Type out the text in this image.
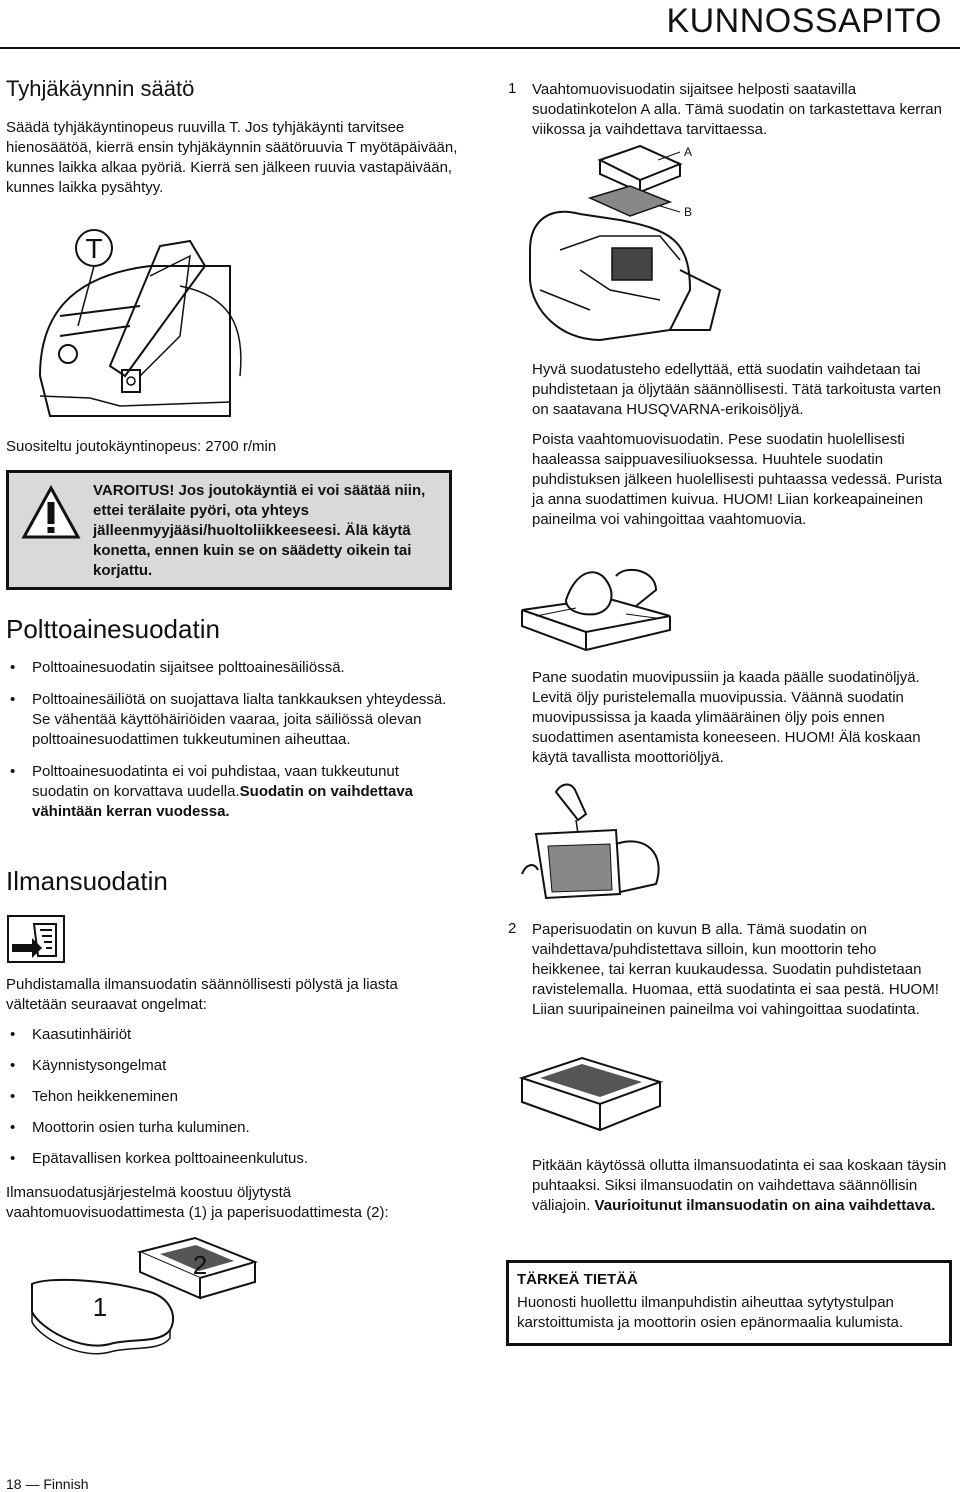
KUNNOSSAPITO
Tyhjäkäynnin säätö

Säädä tyhjäkäyntinopeus ruuvilla T. Jos tyhjäkäynti tarvitsee hienosäätöä, kierrä ensin tyhjäkäynnin säätöruuvia T myötäpäivään, kunnes laikka alkaa pyöriä. Kierrä sen jälkeen ruuvia vastapäivään, kunnes laikka pysähtyy.

T

Suositeltu joutokäyntinopeus: 2700 r/min

VAROITUS! Jos joutokäyntiä ei voi säätää niin, ettei terälaite pyöri, ota yhteys jälleenmyyjääsi/huoltoliikkeeseesi. Älä käytä konetta, ennen kuin se on säädetty oikein tai korjattu.
Polttoainesuodatin
• Polttoainesuodatin sijaitsee polttoainesäiliössä.
• Polttoainesäiliötä on suojattava lialta tankkauksen yhteydessä. Se vähentää käyttöhäiriöiden vaaraa, joita säiliössä olevan polttoainesuodattimen tukkeutuminen aiheuttaa.
• Polttoainesuodatinta ei voi puhdistaa, vaan tukkeutunut suodatin on korvattava uudella.Suodatin on vaihdettava vähintään kerran vuodessa.
Ilmansuodatin

Puhdistamalla ilmansuodatin säännöllisesti pölystä ja liasta vältetään seuraavat ongelmat:

• Kaasutinhäiriöt
• Käynnistysongelmat
• Tehon heikkeneminen
• Moottorin osien turha kuluminen.
• Epätavallisen korkea polttoaineenkulutus.

Ilmansuodatusjärjestelmä koostuu öljytystä vaahtomuovisuodattimesta (1) ja paperisuodattimesta (2):

1
2
1 Vaahtomuovisuodatin sijaitsee helposti saatavilla suodatinkotelon A alla. Tämä suodatin on tarkastettava kerran viikossa ja vaihdettava tarvittaessa.

A
B

Hyvä suodatusteho edellyttää, että suodatin vaihdetaan tai puhdistetaan ja öljytään säännöllisesti. Tätä tarkoitusta varten on saatavana HUSQVARNA-erikoisöljyä.

Poista vaahtomuovisuodatin. Pese suodatin huolellisesti haaleassa saippuavesiliuoksessa. Huuhtele suodatin puhdistuksen jälkeen huolellisesti puhtaassa vedessä. Purista ja anna suodattimen kuivua. HUOM! Liian korkeapaineinen paineilma voi vahingoittaa vaahtomuovia.

Pane suodatin muovipussiin ja kaada päälle suodatinöljyä. Levitä öljy puristelemalla muovipussia. Väännä suodatin muovipussissa ja kaada ylimääräinen öljy pois ennen suodattimen asentamista koneeseen. HUOM! Älä koskaan käytä tavallista moottoriöljyä.

2 Paperisuodatin on kuvun B alla. Tämä suodatin on vaihdettava/puhdistettava silloin, kun moottorin teho heikkenee, tai kerran kuukaudessa. Suodatin puhdistetaan ravistelemalla. Huomaa, että suodatinta ei saa pestä. HUOM! Liian suuripaineinen paineilma voi vahingoittaa suodatinta.

Pitkään käytössä ollutta ilmansuodatinta ei saa koskaan täysin puhtaaksi. Siksi ilmansuodatin on vaihdettava säännöllisin väliajoin. Vaurioitunut ilmansuodatin on aina vaihdettava.

TÄRKEÄ TIETÄÄ
Huonosti huollettu ilmanpuhdistin aiheuttaa sytytystulpan karstoittumista ja moottorin osien epänormaalia kulumista.
18 — Finnish
